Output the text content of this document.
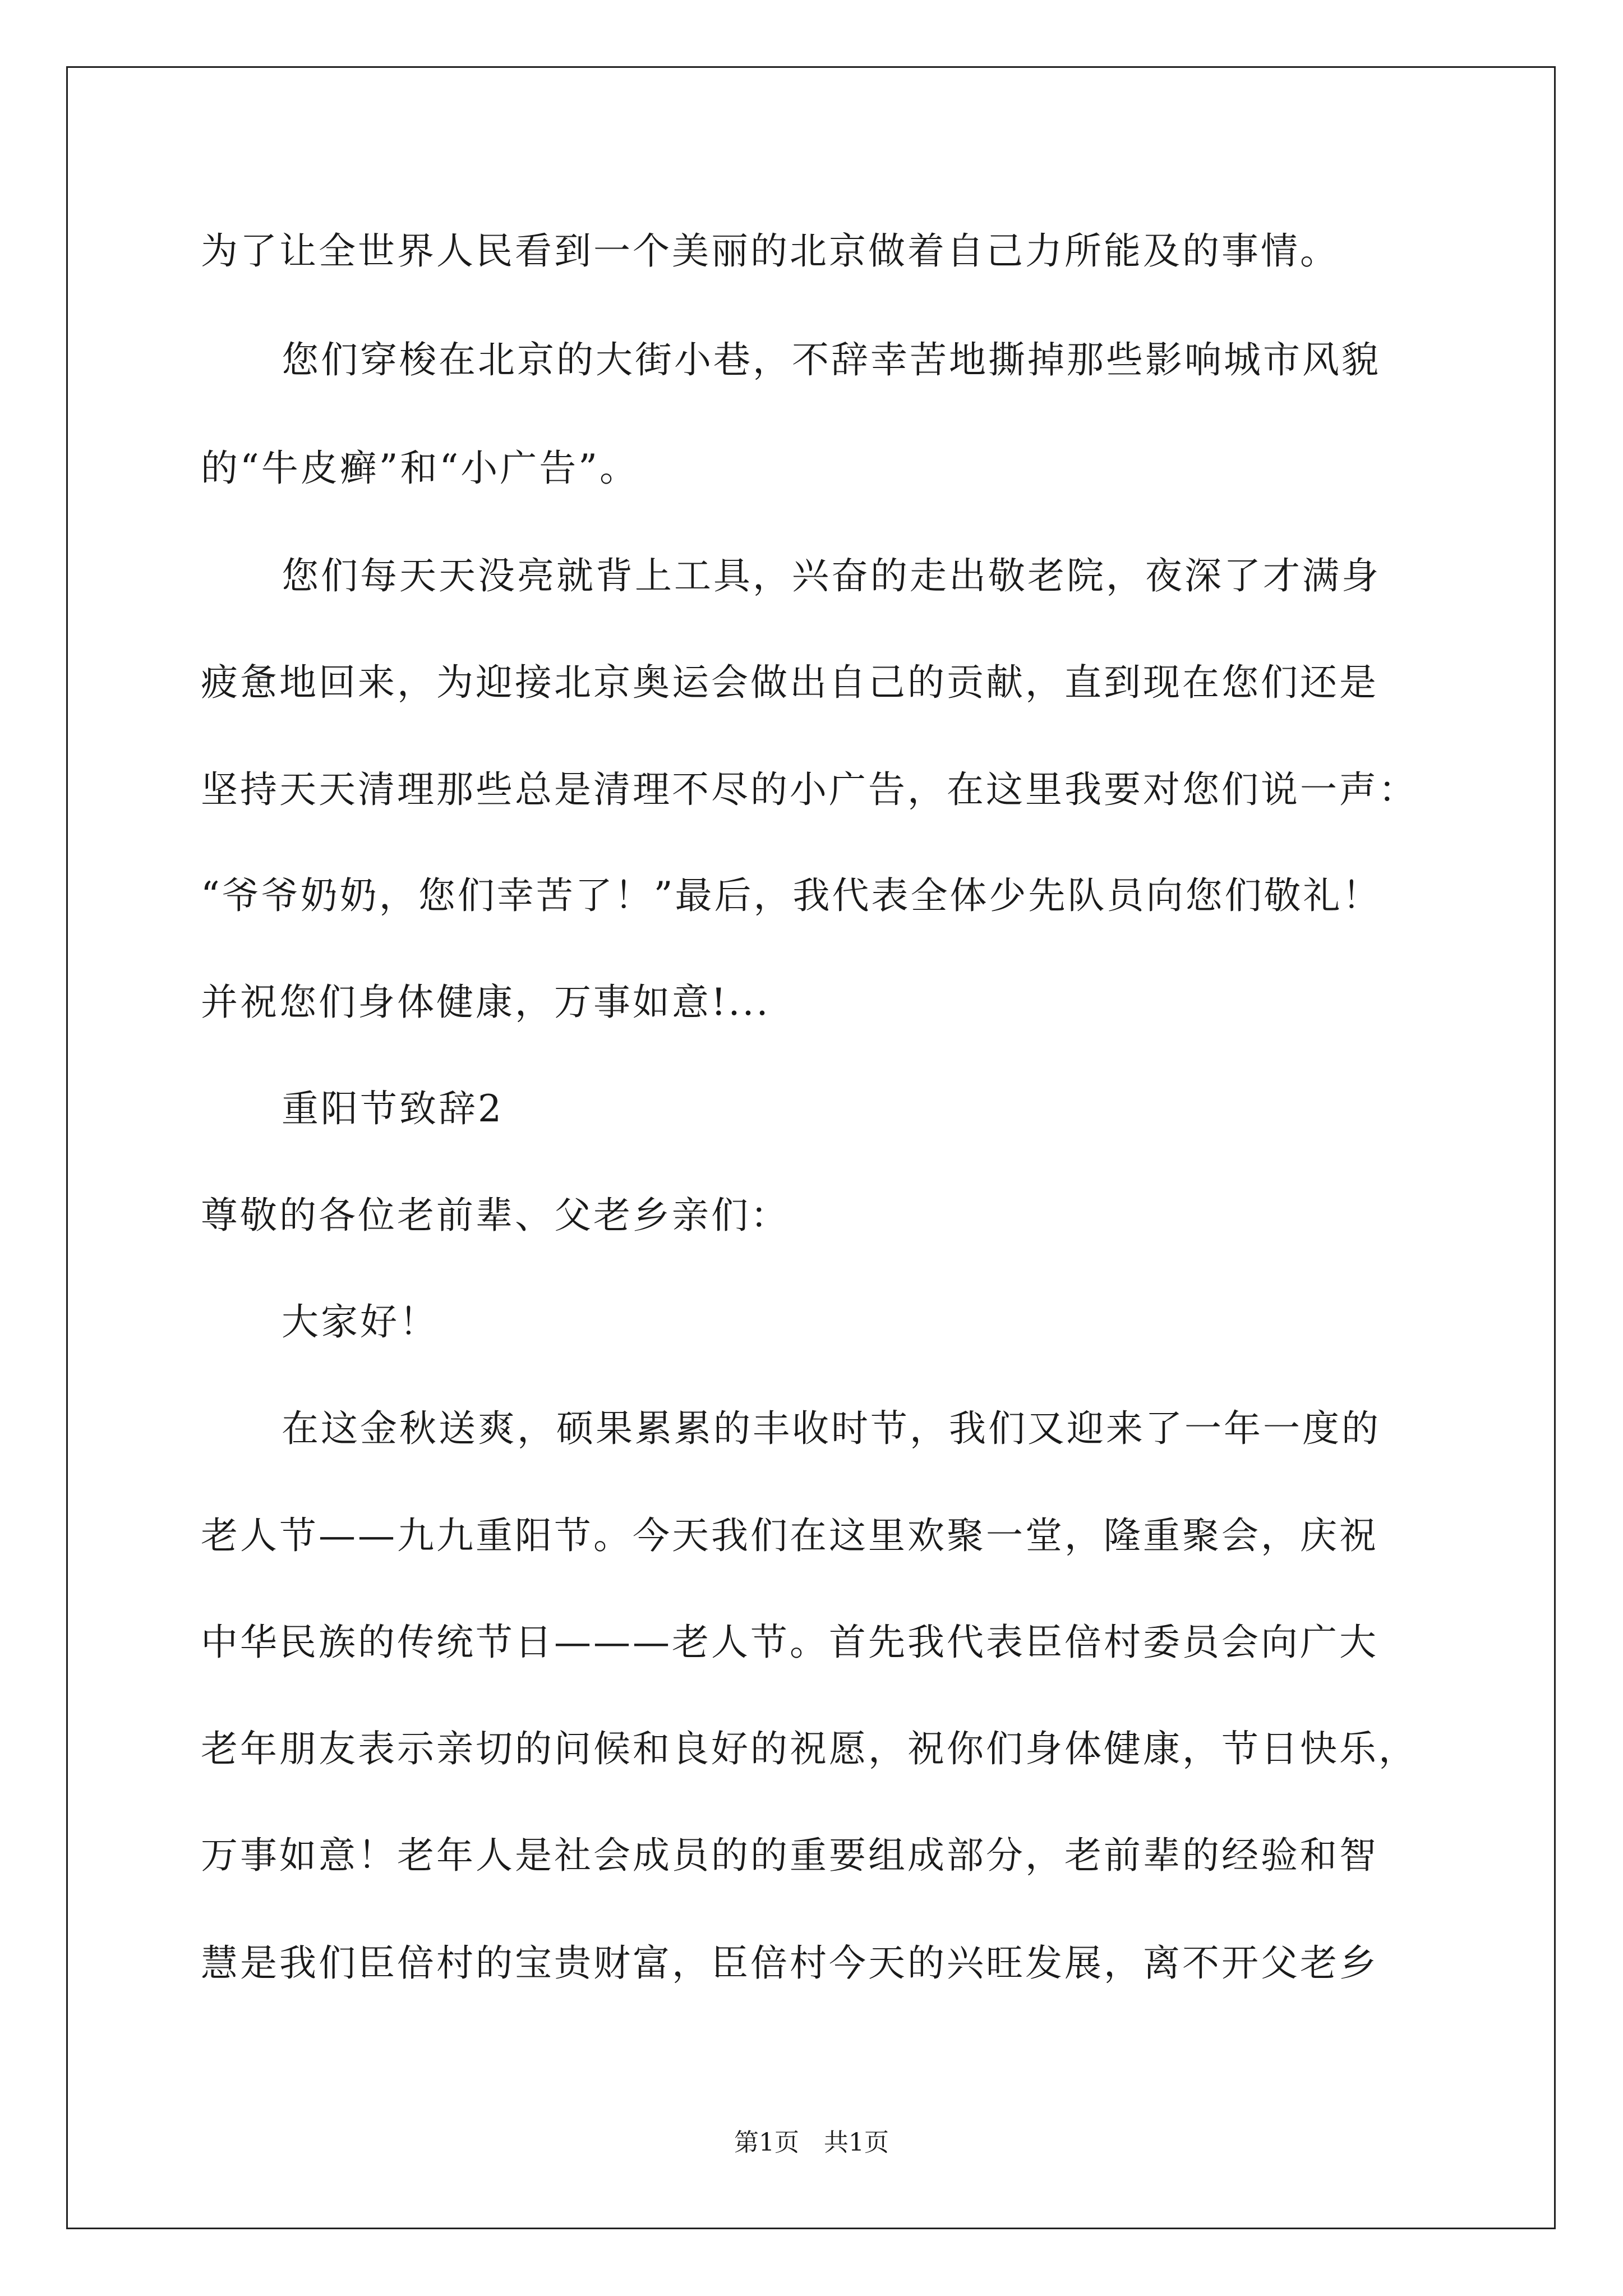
为了让全世界人民看到一个美丽的北京做着自己力所能及的事情。
您们穿梭在北京的大街小巷，不辞幸苦地撕掉那些影响城市风貌
的“牛皮癣”和“小广告”。
您们每天天没亮就背上工具，兴奋的走出敬老院，夜深了才满身
疲惫地回来，为迎接北京奥运会做出自己的贡献，直到现在您们还是
坚持天天清理那些总是清理不尽的小广告，在这里我要对您们说一声：
“爷爷奶奶，您们幸苦了！”最后，我代表全体少先队员向您们敬礼！
并祝您们身体健康，万事如意!...
重阳节致辞2
尊敬的各位老前辈、父老乡亲们：
大家好！
在这金秋送爽，硕果累累的丰收时节，我们又迎来了一年一度的
老人节——九九重阳节。今天我们在这里欢聚一堂，隆重聚会，庆祝
中华民族的传统节日———老人节。首先我代表臣倍村委员会向广大
老年朋友表示亲切的问候和良好的祝愿，祝你们身体健康，节日快乐，
万事如意！老年人是社会成员的的重要组成部分，老前辈的经验和智
慧是我们臣倍村的宝贵财富，臣倍村今天的兴旺发展，离不开父老乡
第1页　共1页
